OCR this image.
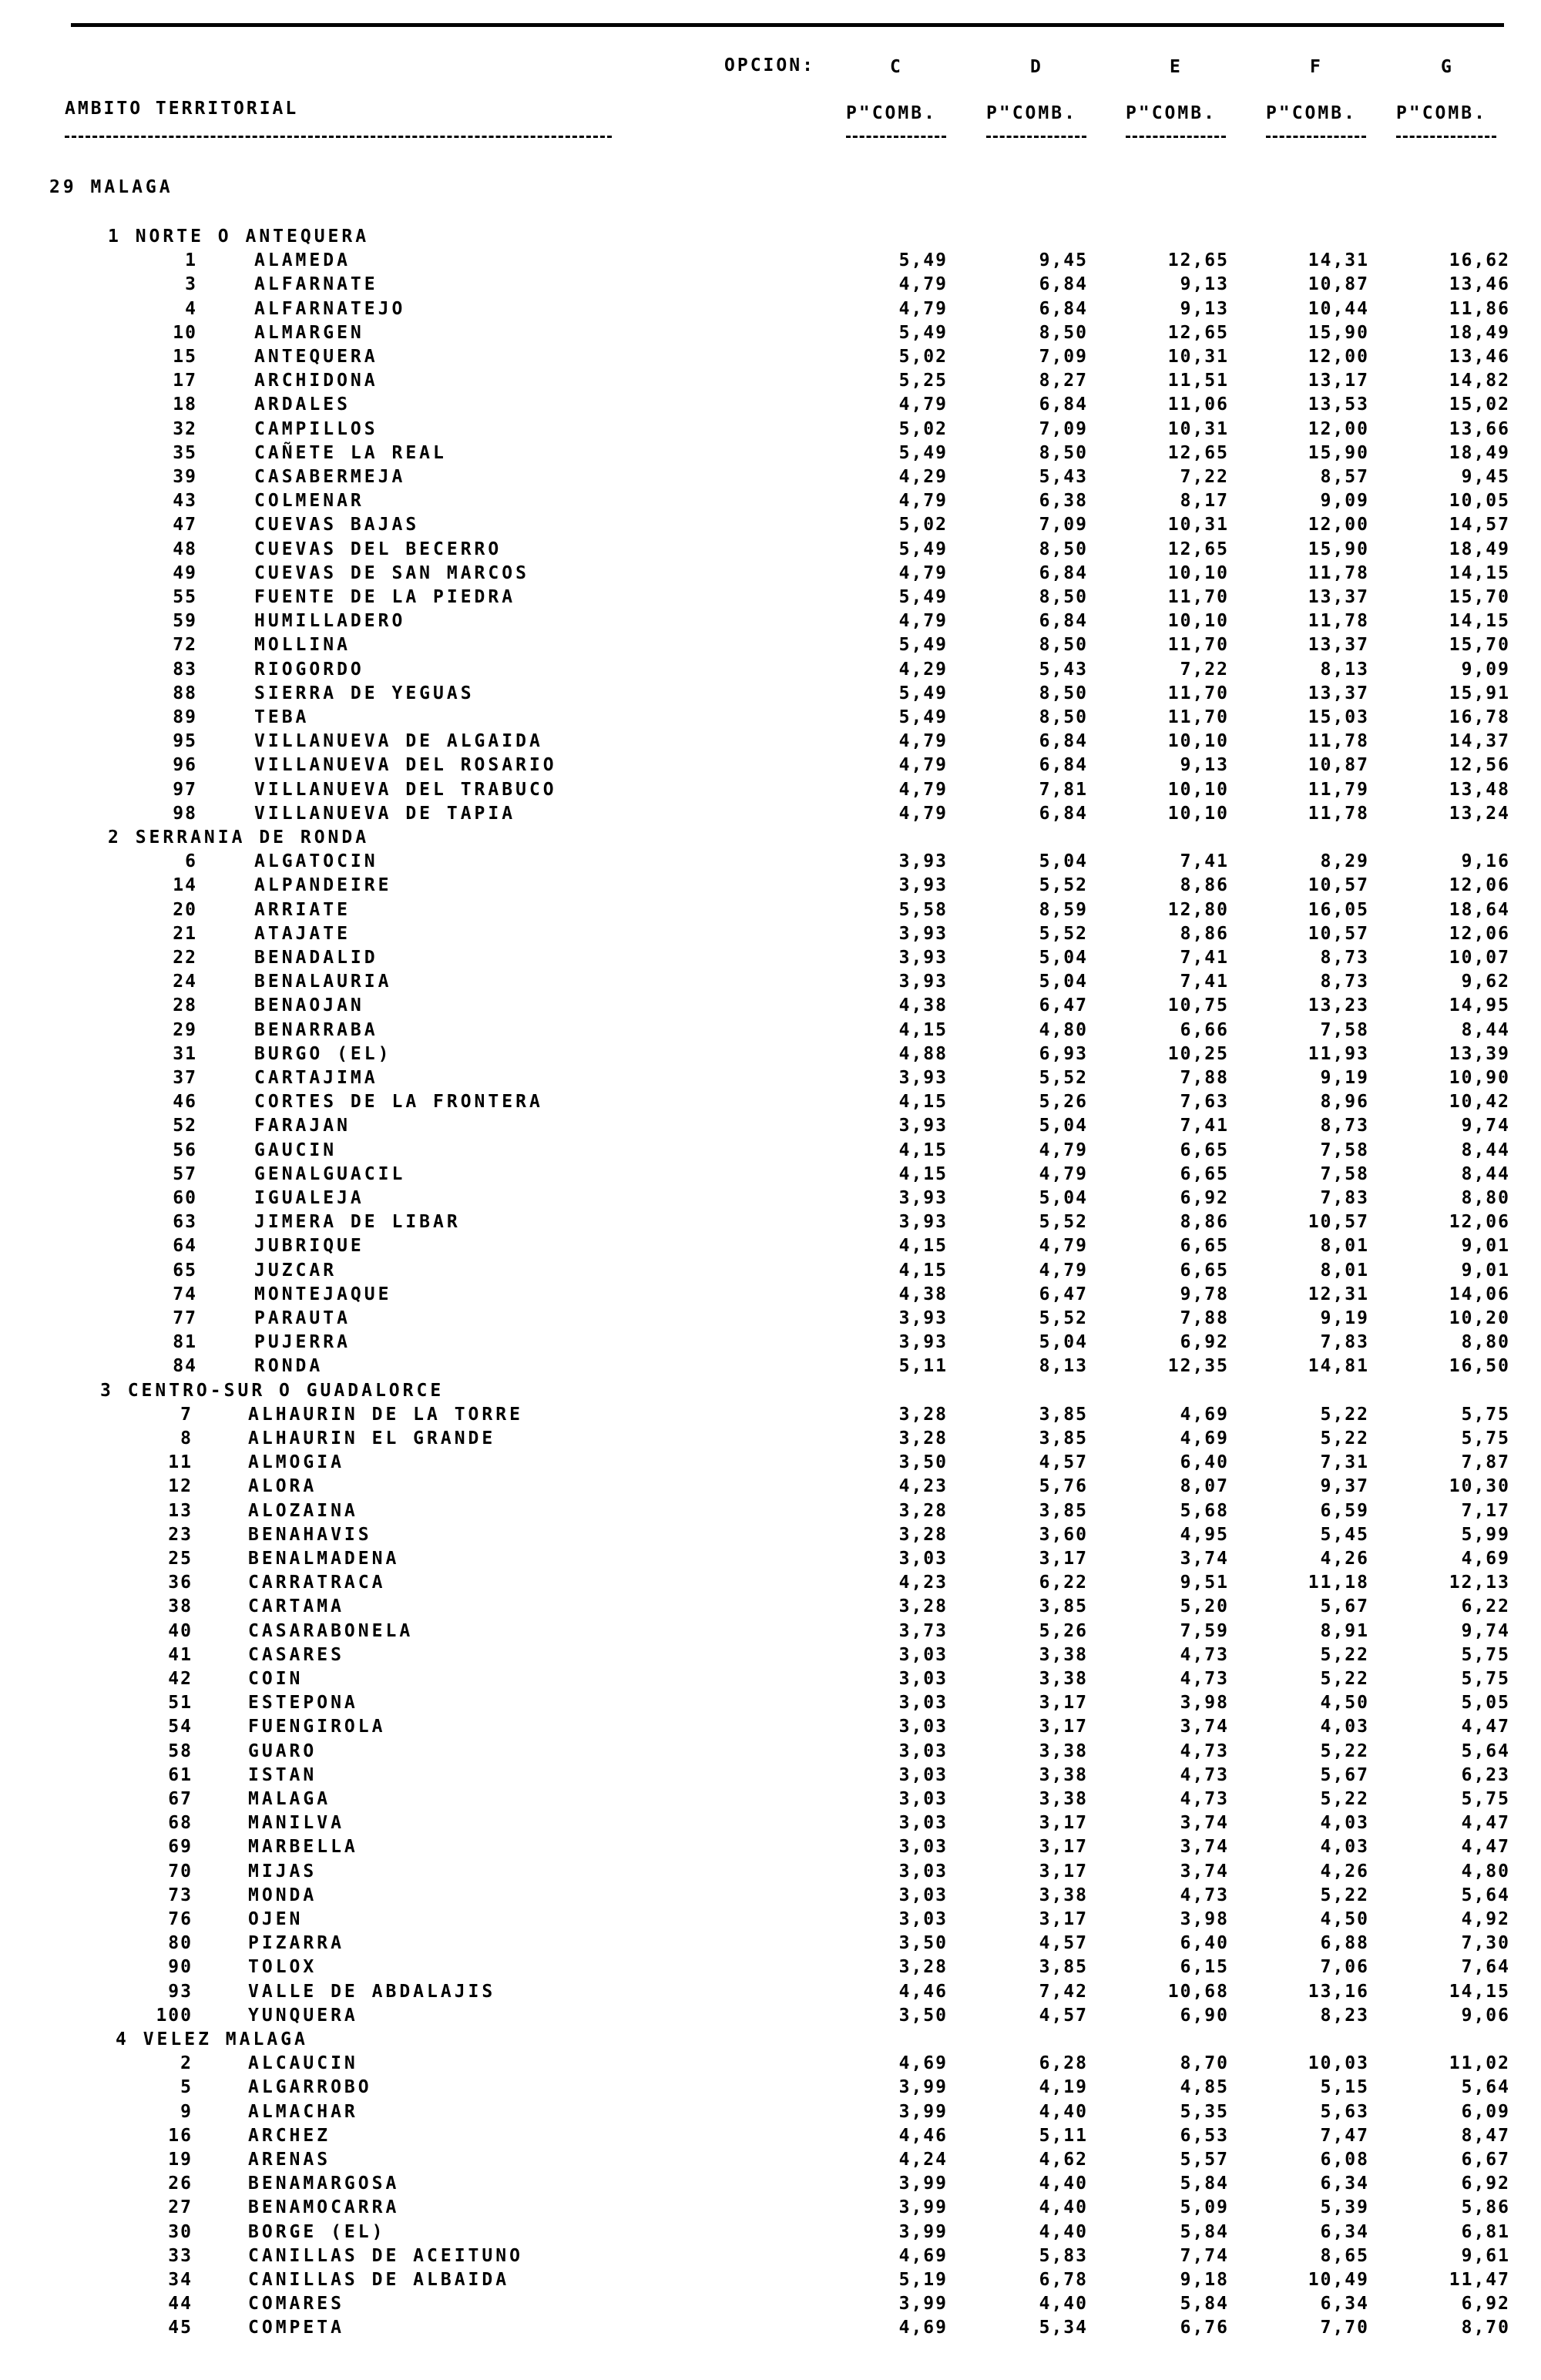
OPCION:	C	D	E	F	G
AMBITO TERRITORIAL	P"COMB.	P"COMB.	P"COMB.	P"COMB. P"COMB.
29 MALAGA
1 NORTE O ANTEQUERA
1	ALAMEDA	5,49	9,45	12,65	14,31	16,62
3	ALFARNATE	4,79	6,84	9,13	10,87	13,46
4	ALFARNATEJO	4,79	6,84	9,13	10,44	11,86
10	ALMARGEN	5,49	8,50	12,65	15,90	18,49
15	ANTEQUERA	5,02	7,09	10,31	12,00	13,46
17	ARCHIDONA	5,25	8,27	11,51	13,17	14,82
18	ARDALES	4,79	6,84	11,06	13,53	15,02
32	CAMPILLOS	5,02	7,09	10,31	12,00	13,66
35	CAÑETE LA REAL	5,49	8,50	12,65	15,90	18,49
39	CASABERMEJA	4,29	5,43	7,22	8,57	9,45
43	COLMENAR	4,79	6,38	8,17	9,09	10,05
47	CUEVAS BAJAS	5,02	7,09	10,31	12,00	14,57
48	CUEVAS DEL BECERRO	5,49	8,50	12,65	15,90	18,49
49	CUEVAS DE SAN MARCOS	4,79	6,84	10,10	11,78	14,15
55	FUENTE DE LA PIEDRA	5,49	8,50	11,70	13,37	15,70
59	HUMILLADERO	4,79	6,84	10,10	11,78	14,15
72	MOLLINA	5,49	8,50	11,70	13,37	15,70
83	RIOGORDO	4,29	5,43	7,22	8,13	9,09
88	SIERRA DE YEGUAS	5,49	8,50	11,70	13,37	15,91
89	TEBA	5,49	8,50	11,70	15,03	16,78
95	VILLANUEVA DE ALGAIDA	4,79	6,84	10,10	11,78	14,37
96	VILLANUEVA DEL ROSARIO	4,79	6,84	9,13	10,87	12,56
97	VILLANUEVA DEL TRABUCO	4,79	7,81	10,10	11,79	13,48
98	VILLANUEVA DE TAPIA	4,79	6,84	10,10	11,78	13,24
2 SERRANIA DE RONDA
6	ALGATOCIN	3,93	5,04	7,41	8,29	9,16
14	ALPANDEIRE	3,93	5,52	8,86	10,57	12,06
20	ARRIATE	5,58	8,59	12,80	16,05	18,64
21	ATAJATE	3,93	5,52	8,86	10,57	12,06
22	BENADALID	3,93	5,04	7,41	8,73	10,07
24	BENALAURIA	3,93	5,04	7,41	8,73	9,62
28	BENAOJAN	4,38	6,47	10,75	13,23	14,95
29	BENARRABA	4,15	4,80	6,66	7,58	8,44
31	BURGO (EL)	4,88	6,93	10,25	11,93	13,39
37	CARTAJIMA	3,93	5,52	7,88	9,19	10,90
46	CORTES DE LA FRONTERA	4,15	5,26	7,63	8,96	10,42
52	FARAJAN	3,93	5,04	7,41	8,73	9,74
56	GAUCIN	4,15	4,79	6,65	7,58	8,44
57	GENALGUACIL	4,15	4,79	6,65	7,58	8,44
60	IGUALEJA	3,93	5,04	6,92	7,83	8,80
63	JIMERA DE LIBAR	3,93	5,52	8,86	10,57	12,06
64	JUBRIQUE	4,15	4,79	6,65	8,01	9,01
65	JUZCAR	4,15	4,79	6,65	8,01	9,01
74	MONTEJAQUE	4,38	6,47	9,78	12,31	14,06
77	PARAUTA	3,93	5,52	7,88	9,19	10,20
81	PUJERRA	3,93	5,04	6,92	7,83	8,80
84	RONDA	5,11	8,13	12,35	14,81	16,50
3 CENTRO-SUR O GUADALORCE
7	ALHAURIN DE LA TORRE	3,28	3,85	4,69	5,22	5,75
8	ALHAURIN EL GRANDE	3,28	3,85	4,69	5,22	5,75
11	ALMOGIA	3,50	4,57	6,40	7,31	7,87
12	ALORA	4,23	5,76	8,07	9,37	10,30
13	ALOZAINA	3,28	3,85	5,68	6,59	7,17
23	BENAHAVIS	3,28	3,60	4,95	5,45	5,99
25	BENALMADENA	3,03	3,17	3,74	4,26	4,69
36	CARRATRACA	4,23	6,22	9,51	11,18	12,13
38	CARTAMA	3,28	3,85	5,20	5,67	6,22
40	CASARABONELA	3,73	5,26	7,59	8,91	9,74
41	CASARES	3,03	3,38	4,73	5,22	5,75
42	COIN	3,03	3,38	4,73	5,22	5,75
51	ESTEPONA	3,03	3,17	3,98	4,50	5,05
54	FUENGIROLA	3,03	3,17	3,74	4,03	4,47
58	GUARO	3,03	3,38	4,73	5,22	5,64
61	ISTAN	3,03	3,38	4,73	5,67	6,23
67	MALAGA	3,03	3,38	4,73	5,22	5,75
68	MANILVA	3,03	3,17	3,74	4,03	4,47
69	MARBELLA	3,03	3,17	3,74	4,03	4,47
70	MIJAS	3,03	3,17	3,74	4,26	4,80
73	MONDA	3,03	3,38	4,73	5,22	5,64
76	OJEN	3,03	3,17	3,98	4,50	4,92
80	PIZARRA	3,50	4,57	6,40	6,88	7,30
90	TOLOX	3,28	3,85	6,15	7,06	7,64
93	VALLE DE ABDALAJIS	4,46	7,42	10,68	13,16	14,15
100	YUNQUERA	3,50	4,57	6,90	8,23	9,06
4 VELEZ MALAGA
2	ALCAUCIN	4,69	6,28	8,70	10,03	11,02
5	ALGARROBO	3,99	4,19	4,85	5,15	5,64
9	ALMACHAR	3,99	4,40	5,35	5,63	6,09
16	ARCHEZ	4,46	5,11	6,53	7,47	8,47
19	ARENAS	4,24	4,62	5,57	6,08	6,67
26	BENAMARGOSA	3,99	4,40	5,84	6,34	6,92
27	BENAMOCARRA	3,99	4,40	5,09	5,39	5,86
30	BORGE (EL)	3,99	4,40	5,84	6,34	6,81
33	CANILLAS DE ACEITUNO	4,69	5,83	7,74	8,65	9,61
34	CANILLAS DE ALBAIDA	5,19	6,78	9,18	10,49	11,47
44	COMARES	3,99	4,40	5,84	6,34	6,92
45	COMPETA	4,69	5,34	6,76	7,70	8,70
